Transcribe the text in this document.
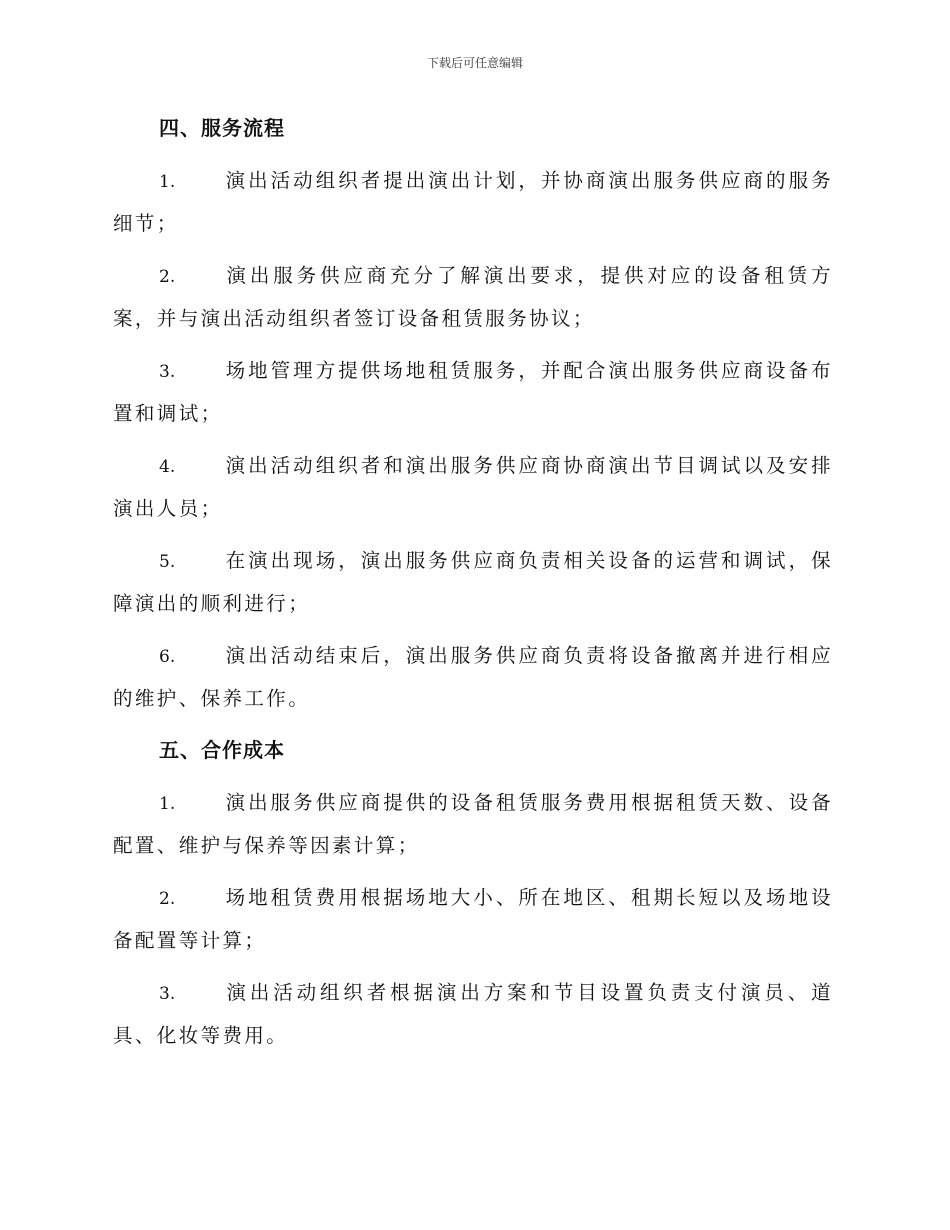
下载后可任意编辑
四、服务流程

1.	演出活动组织者提出演出计划，并协商演出服务供应商的服务细节；

2.	演出服务供应商充分了解演出要求，提供对应的设备租赁方案，并与演出活动组织者签订设备租赁服务协议；

3.	场地管理方提供场地租赁服务，并配合演出服务供应商设备布置和调试；

4.	演出活动组织者和演出服务供应商协商演出节目调试以及安排演出人员；

5.	在演出现场，演出服务供应商负责相关设备的运营和调试，保障演出的顺利进行；

6.	演出活动结束后，演出服务供应商负责将设备撤离并进行相应的维护、保养工作。

五、合作成本

1.	演出服务供应商提供的设备租赁服务费用根据租赁天数、设备配置、维护与保养等因素计算；

2.	场地租赁费用根据场地大小、所在地区、租期长短以及场地设备配置等计算；

3.	演出活动组织者根据演出方案和节目设置负责支付演员、道具、化妆等费用。
